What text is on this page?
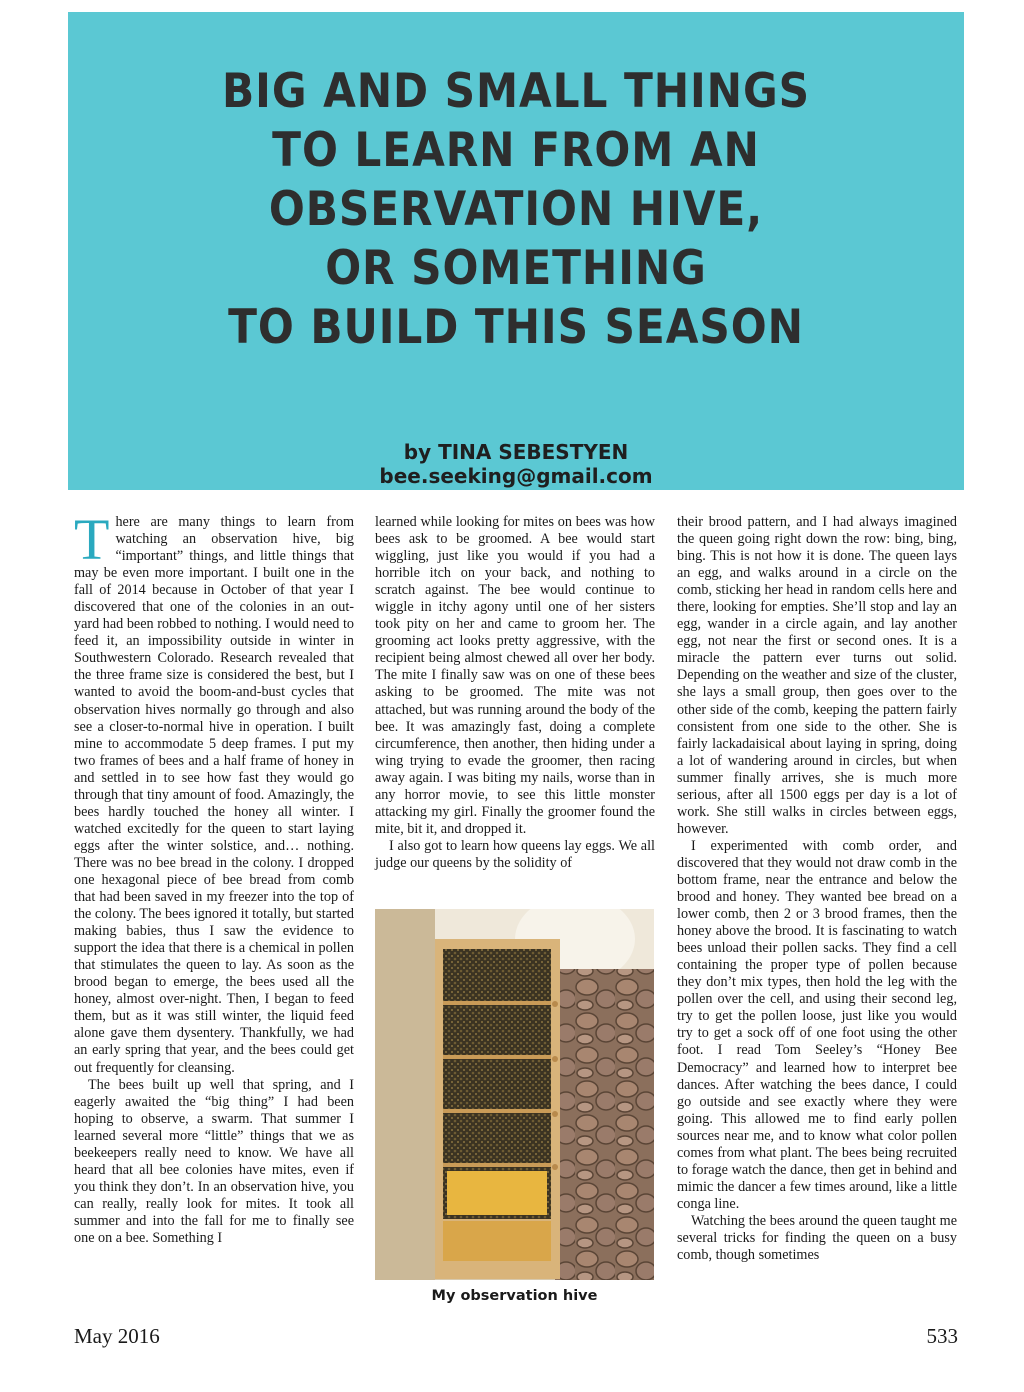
BIG AND SMALL THINGS
TO LEARN FROM AN
OBSERVATION HIVE,
OR SOMETHING
TO BUILD THIS SEASON
by TINA SEBESTYEN
bee.seeking@gmail.com

There are many things to learn from watching an observation hive, big “important” things, and little things that may be even more important. I built one in the fall of 2014 because in October of that year I discovered that one of the colonies in an out-yard had been robbed to nothing. I would need to feed it, an impossibility outside in winter in Southwestern Colorado. Research revealed that the three frame size is considered the best, but I wanted to avoid the boom-and-bust cycles that observation hives normally go through and also see a closer-to-normal hive in operation. I built mine to accommodate 5 deep frames. I put my two frames of bees and a half frame of honey in and settled in to see how fast they would go through that tiny amount of food. Amazingly, the bees hardly touched the honey all winter. I watched excitedly for the queen to start laying eggs after the winter solstice, and… nothing. There was no bee bread in the colony. I dropped one hexagonal piece of bee bread from comb that had been saved in my freezer into the top of the colony. The bees ignored it totally, but started making babies, thus I saw the evidence to support the idea that there is a chemical in pollen that stimulates the queen to lay. As soon as the brood began to emerge, the bees used all the honey, almost over-night. Then, I began to feed them, but as it was still winter, the liquid feed alone gave them dysentery. Thankfully, we had an early spring that year, and the bees could get out frequently for cleansing.

The bees built up well that spring, and I eagerly awaited the “big thing” I had been hoping to observe, a swarm. That summer I learned several more “little” things that we as beekeepers really need to know. We have all heard that all bee colonies have mites, even if you think they don’t. In an observation hive, you can really, really look for mites. It took all summer and into the fall for me to finally see one on a bee. Something I

learned while looking for mites on bees was how bees ask to be groomed. A bee would start wiggling, just like you would if you had a horrible itch on your back, and nothing to scratch against. The bee would continue to wiggle in itchy agony until one of her sisters took pity on her and came to groom her. The grooming act looks pretty aggressive, with the recipient being almost chewed all over her body. The mite I finally saw was on one of these bees asking to be groomed. The mite was not attached, but was running around the body of the bee. It was amazingly fast, doing a complete circumference, then another, then hiding under a wing trying to evade the groomer, then racing away again. I was biting my nails, worse than in any horror movie, to see this little monster attacking my girl. Finally the groomer found the mite, bit it, and dropped it.

I also got to learn how queens lay eggs. We all judge our queens by the solidity of

My observation hive

their brood pattern, and I had always imagined the queen going right down the row: bing, bing, bing. This is not how it is done. The queen lays an egg, and walks around in a circle on the comb, sticking her head in random cells here and there, looking for empties. She’ll stop and lay an egg, wander in a circle again, and lay another egg, not near the first or second ones. It is a miracle the pattern ever turns out solid. Depending on the weather and size of the cluster, she lays a small group, then goes over to the other side of the comb, keeping the pattern fairly consistent from one side to the other. She is fairly lackadaisical about laying in spring, doing a lot of wandering around in circles, but when summer finally arrives, she is much more serious, after all 1500 eggs per day is a lot of work. She still walks in circles between eggs, however.

I experimented with comb order, and discovered that they would not draw comb in the bottom frame, near the entrance and below the brood and honey. They wanted bee bread on a lower comb, then 2 or 3 brood frames, then the honey above the brood. It is fascinating to watch bees unload their pollen sacks. They find a cell containing the proper type of pollen because they don’t mix types, then hold the leg with the pollen over the cell, and using their second leg, try to get the pollen loose, just like you would try to get a sock off of one foot using the other foot. I read Tom Seeley’s “Honey Bee Democracy” and learned how to interpret bee dances. After watching the bees dance, I could go outside and see exactly where they were going. This allowed me to find early pollen sources near me, and to know what color pollen comes from what plant. The bees being recruited to forage watch the dance, then get in behind and mimic the dancer a few times around, like a little conga line.

Watching the bees around the queen taught me several tricks for finding the queen on a busy comb, though sometimes

May 2016	533
